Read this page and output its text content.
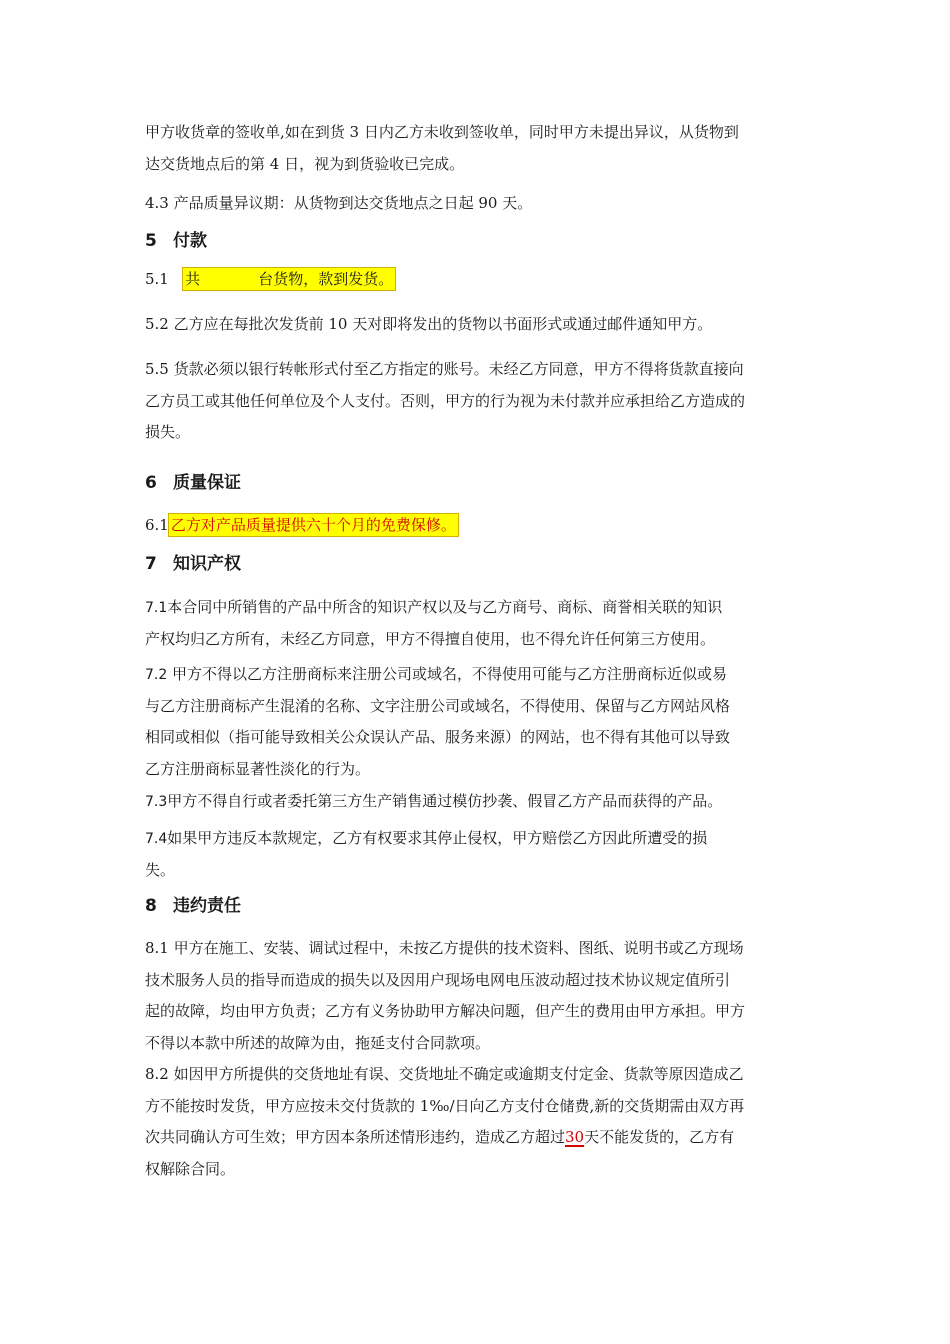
甲方收货章的签收单,如在到货 3 日内乙方未收到签收单，同时甲方未提出异议，从货物到
达交货地点后的第 4 日，视为到货验收已完成。

4.3 产品质量异议期：从货物到达交货地点之日起 90 天。

5 付款

5.1 共	台货物，款到发货。

5.2 乙方应在每批次发货前 10 天对即将发出的货物以书面形式或通过邮件通知甲方。

5.5 货款必须以银行转帐形式付至乙方指定的账号。未经乙方同意，甲方不得将货款直接向
乙方员工或其他任何单位及个人支付。否则，甲方的行为视为未付款并应承担给乙方造成的
损失。

6 质量保证

6.1 乙方对产品质量提供六十个月的免费保修。

7 知识产权

7.1本合同中所销售的产品中所含的知识产权以及与乙方商号、商标、商誉相关联的知识
产权均归乙方所有，未经乙方同意，甲方不得擅自使用，也不得允许任何第三方使用。

7.2 甲方不得以乙方注册商标来注册公司或域名，不得使用可能与乙方注册商标近似或易
与乙方注册商标产生混淆的名称、文字注册公司或域名，不得使用、保留与乙方网站风格
相同或相似（指可能导致相关公众误认产品、服务来源）的网站，也不得有其他可以导致
乙方注册商标显著性淡化的行为。

7.3甲方不得自行或者委托第三方生产销售通过模仿抄袭、假冒乙方产品而获得的产品。

7.4如果甲方违反本款规定，乙方有权要求其停止侵权，甲方赔偿乙方因此所遭受的损
失。

8 违约责任

8.1 甲方在施工、安装、调试过程中，未按乙方提供的技术资料、图纸、说明书或乙方现场
技术服务人员的指导而造成的损失以及因用户现场电网电压波动超过技术协议规定值所引
起的故障，均由甲方负责；乙方有义务协助甲方解决问题，但产生的费用由甲方承担。甲方
不得以本款中所述的故障为由，拖延支付合同款项。

8.2 如因甲方所提供的交货地址有误、交货地址不确定或逾期支付定金、货款等原因造成乙
方不能按时发货，甲方应按未交付货款的 1‰/日向乙方支付仓储费,新的交货期需由双方再
次共同确认方可生效；甲方因本条所述情形违约，造成乙方超过30天不能发货的，乙方有
权解除合同。
